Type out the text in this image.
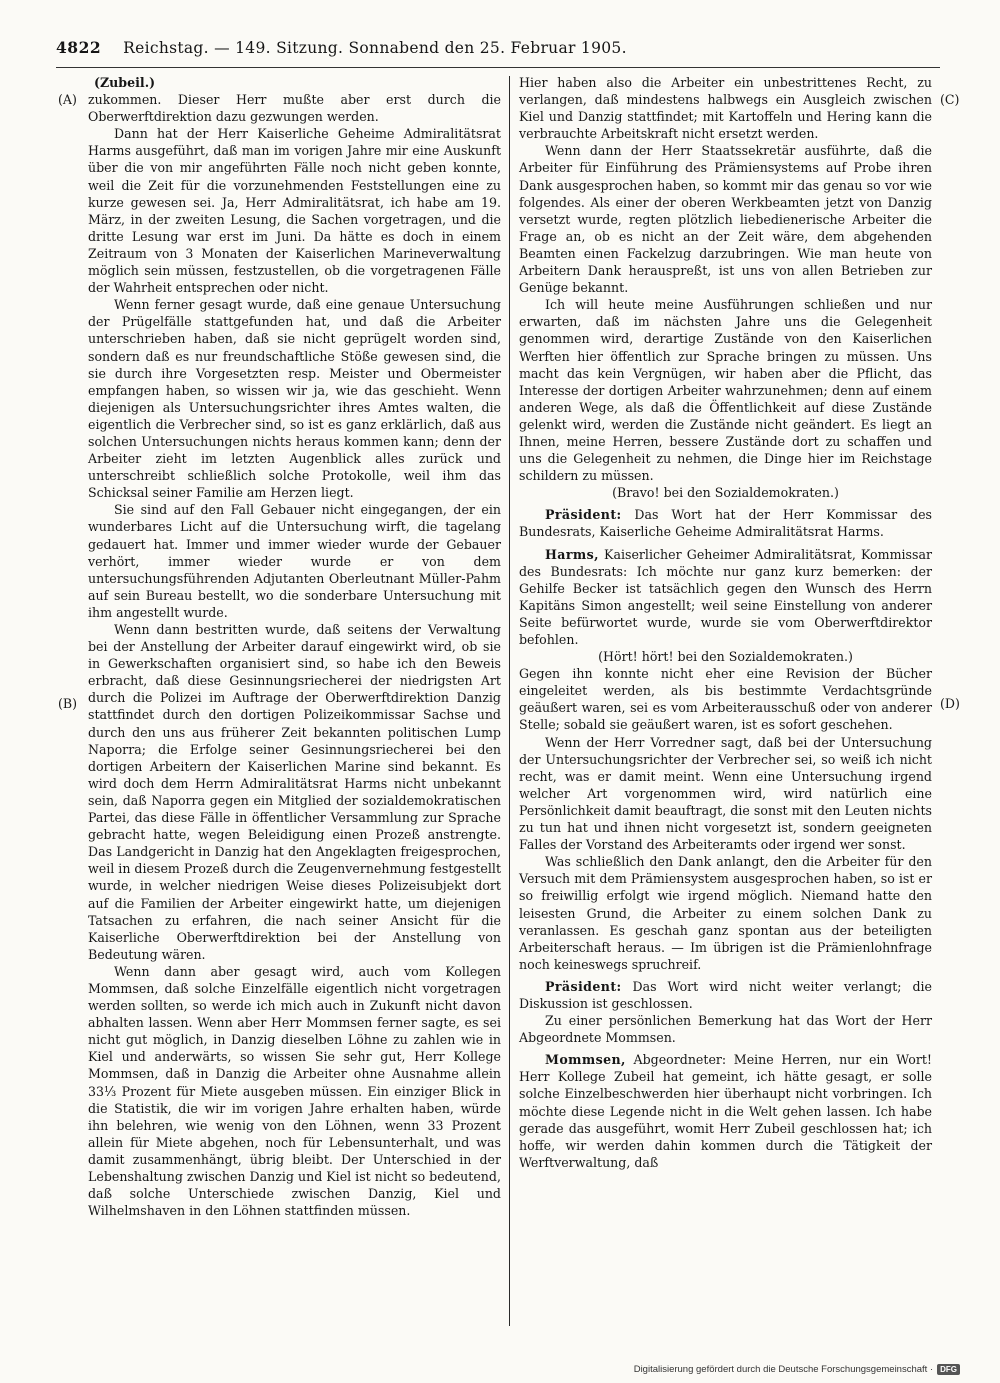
4822 Reichstag. — 149. Sitzung. Sonnabend den 25. Februar 1905.
(A)
(B)
(C)
(D)

(Zubeil.)

zukommen. Dieser Herr mußte aber erst durch die Oberwerftdirektion dazu gezwungen werden.

Dann hat der Herr Kaiserliche Geheime Admiralitätsrat Harms ausgeführt, daß man im vorigen Jahre mir eine Auskunft über die von mir angeführten Fälle noch nicht geben konnte, weil die Zeit für die vorzunehmenden Feststellungen eine zu kurze gewesen sei. Ja, Herr Admiralitätsrat, ich habe am 19. März, in der zweiten Lesung, die Sachen vorgetragen, und die dritte Lesung war erst im Juni. Da hätte es doch in einem Zeitraum von 3 Monaten der Kaiserlichen Marineverwaltung möglich sein müssen, festzustellen, ob die vorgetragenen Fälle der Wahrheit entsprechen oder nicht.

Wenn ferner gesagt wurde, daß eine genaue Untersuchung der Prügelfälle stattgefunden hat, und daß die Arbeiter unterschrieben haben, daß sie nicht geprügelt worden sind, sondern daß es nur freundschaftliche Stöße gewesen sind, die sie durch ihre Vorgesetzten resp. Meister und Obermeister empfangen haben, so wissen wir ja, wie das geschieht. Wenn diejenigen als Untersuchungsrichter ihres Amtes walten, die eigentlich die Verbrecher sind, so ist es ganz erklärlich, daß aus solchen Untersuchungen nichts heraus kommen kann; denn der Arbeiter zieht im letzten Augenblick alles zurück und unterschreibt schließlich solche Protokolle, weil ihm das Schicksal seiner Familie am Herzen liegt.

Sie sind auf den Fall Gebauer nicht eingegangen, der ein wunderbares Licht auf die Untersuchung wirft, die tagelang gedauert hat. Immer und immer wieder wurde der Gebauer verhört, immer wieder wurde er von dem untersuchungsführenden Adjutanten Oberleutnant Müller-Pahm auf sein Bureau bestellt, wo die sonderbare Untersuchung mit ihm angestellt wurde.

Wenn dann bestritten wurde, daß seitens der Verwaltung bei der Anstellung der Arbeiter darauf eingewirkt wird, ob sie in Gewerkschaften organisiert sind, so habe ich den Beweis erbracht, daß diese Gesinnungsriecherei der niedrigsten Art durch die Polizei im Auftrage der Oberwerftdirektion Danzig stattfindet durch den dortigen Polizeikommissar Sachse und durch den uns aus früherer Zeit bekannten politischen Lump Naporra; die Erfolge seiner Gesinnungsriecherei bei den dortigen Arbeitern der Kaiserlichen Marine sind bekannt. Es wird doch dem Herrn Admiralitätsrat Harms nicht unbekannt sein, daß Naporra gegen ein Mitglied der sozialdemokratischen Partei, das diese Fälle in öffentlicher Versammlung zur Sprache gebracht hatte, wegen Beleidigung einen Prozeß anstrengte. Das Landgericht in Danzig hat den Angeklagten freigesprochen, weil in diesem Prozeß durch die Zeugenvernehmung festgestellt wurde, in welcher niedrigen Weise dieses Polizeisubjekt dort auf die Familien der Arbeiter eingewirkt hatte, um diejenigen Tatsachen zu erfahren, die nach seiner Ansicht für die Kaiserliche Oberwerftdirektion bei der Anstellung von Bedeutung wären.

Wenn dann aber gesagt wird, auch vom Kollegen Mommsen, daß solche Einzelfälle eigentlich nicht vorgetragen werden sollten, so werde ich mich auch in Zukunft nicht davon abhalten lassen. Wenn aber Herr Mommsen ferner sagte, es sei nicht gut möglich, in Danzig dieselben Löhne zu zahlen wie in Kiel und anderwärts, so wissen Sie sehr gut, Herr Kollege Mommsen, daß in Danzig die Arbeiter ohne Ausnahme allein 33⅓ Prozent für Miete ausgeben müssen. Ein einziger Blick in die Statistik, die wir im vorigen Jahre erhalten haben, würde ihn belehren, wie wenig von den Löhnen, wenn 33 Prozent allein für Miete abgehen, noch für Lebensunterhalt, und was damit zusammenhängt, übrig bleibt. Der Unterschied in der Lebenshaltung zwischen Danzig und Kiel ist nicht so bedeutend, daß solche Unterschiede zwischen Danzig, Kiel und Wilhelmshaven in den Löhnen stattfinden müssen.

Hier haben also die Arbeiter ein unbestrittenes Recht, zu verlangen, daß mindestens halbwegs ein Ausgleich zwischen Kiel und Danzig stattfindet; mit Kartoffeln und Hering kann die verbrauchte Arbeitskraft nicht ersetzt werden.

Wenn dann der Herr Staatssekretär ausführte, daß die Arbeiter für Einführung des Prämiensystems auf Probe ihren Dank ausgesprochen haben, so kommt mir das genau so vor wie folgendes. Als einer der oberen Werkbeamten jetzt von Danzig versetzt wurde, regten plötzlich liebedienerische Arbeiter die Frage an, ob es nicht an der Zeit wäre, dem abgehenden Beamten einen Fackelzug darzubringen. Wie man heute von Arbeitern Dank herauspreßt, ist uns von allen Betrieben zur Genüge bekannt.

Ich will heute meine Ausführungen schließen und nur erwarten, daß im nächsten Jahre uns die Gelegenheit genommen wird, derartige Zustände von den Kaiserlichen Werften hier öffentlich zur Sprache bringen zu müssen. Uns macht das kein Vergnügen, wir haben aber die Pflicht, das Interesse der dortigen Arbeiter wahrzunehmen; denn auf einem anderen Wege, als daß die Öffentlichkeit auf diese Zustände gelenkt wird, werden die Zustände nicht geändert. Es liegt an Ihnen, meine Herren, bessere Zustände dort zu schaffen und uns die Gelegenheit zu nehmen, die Dinge hier im Reichstage schildern zu müssen.

(Bravo! bei den Sozialdemokraten.)

Präsident: Das Wort hat der Herr Kommissar des Bundesrats, Kaiserliche Geheime Admiralitätsrat Harms.

Harms, Kaiserlicher Geheimer Admiralitätsrat, Kommissar des Bundesrats: Ich möchte nur ganz kurz bemerken: der Gehilfe Becker ist tatsächlich gegen den Wunsch des Herrn Kapitäns Simon angestellt; weil seine Einstellung von anderer Seite befürwortet wurde, wurde sie vom Oberwerftdirektor befohlen.

(Hört! hört! bei den Sozialdemokraten.)

Gegen ihn konnte nicht eher eine Revision der Bücher eingeleitet werden, als bis bestimmte Verdachtsgründe geäußert waren, sei es vom Arbeiterausschuß oder von anderer Stelle; sobald sie geäußert waren, ist es sofort geschehen.

Wenn der Herr Vorredner sagt, daß bei der Untersuchung der Untersuchungsrichter der Verbrecher sei, so weiß ich nicht recht, was er damit meint. Wenn eine Untersuchung irgend welcher Art vorgenommen wird, wird natürlich eine Persönlichkeit damit beauftragt, die sonst mit den Leuten nichts zu tun hat und ihnen nicht vorgesetzt ist, sondern geeigneten Falles der Vorstand des Arbeiteramts oder irgend wer sonst.

Was schließlich den Dank anlangt, den die Arbeiter für den Versuch mit dem Prämiensystem ausgesprochen haben, so ist er so freiwillig erfolgt wie irgend möglich. Niemand hatte den leisesten Grund, die Arbeiter zu einem solchen Dank zu veranlassen. Es geschah ganz spontan aus der beteiligten Arbeiterschaft heraus. — Im übrigen ist die Prämienlohnfrage noch keineswegs spruchreif.

Präsident: Das Wort wird nicht weiter verlangt; die Diskussion ist geschlossen.

Zu einer persönlichen Bemerkung hat das Wort der Herr Abgeordnete Mommsen.

Mommsen, Abgeordneter: Meine Herren, nur ein Wort! Herr Kollege Zubeil hat gemeint, ich hätte gesagt, er solle solche Einzelbeschwerden hier überhaupt nicht vorbringen. Ich möchte diese Legende nicht in die Welt gehen lassen. Ich habe gerade das ausgeführt, womit Herr Zubeil geschlossen hat; ich hoffe, wir werden dahin kommen durch die Tätigkeit der Werftverwaltung, daß

Digitalisierung gefördert durch die Deutsche Forschungsgemeinschaft · DFG
